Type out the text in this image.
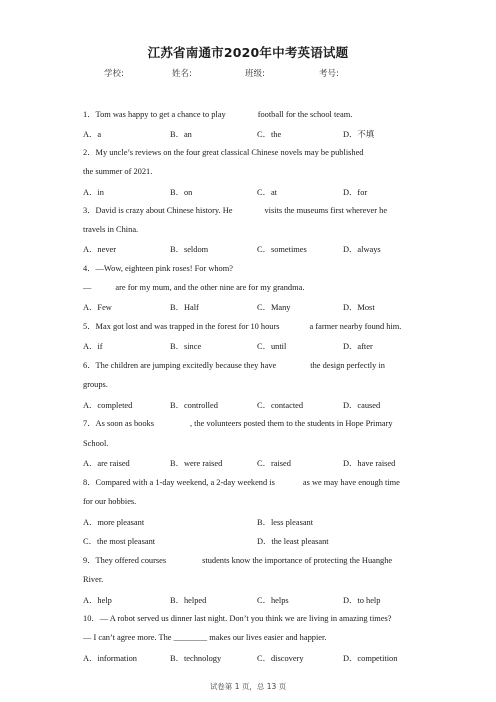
江苏省南通市2020年中考英语试题
学校:	姓名:	班级:	考号:
1．Tom was happy to get a chance to play	football for the school team.
A．a	B．an	C．the	D．不填
2．My uncle’s reviews on the four great classical Chinese novels may be published
the summer of 2021.
A．in	B．on	C．at	D．for
3．David is crazy about Chinese history. He	visits the museums first wherever he
travels in China.
A．never	B．seldom	C．sometimes	D．always
4．—Wow, eighteen pink roses! For whom?
—	are for my mum, and the other nine are for my grandma.
A．Few	B．Half	C．Many	D．Most
5．Max got lost and was trapped in the forest for 10 hours	a farmer nearby found him.
A．if	B．since	C．until	D．after
6．The children are jumping excitedly because they have	the design perfectly in
groups.
A．completed	B．controlled	C．contacted	D．caused
7．As soon as books	, the volunteers posted them to the students in Hope Primary
School.
A．are raised	B．were raised	C．raised	D．have raised
8．Compared with a 1-day weekend, a 2-day weekend is	as we may have enough time
for our hobbies.
A．more pleasant	B．less pleasant
C．the most pleasant	D．the least pleasant
9．They offered courses	students know the importance of protecting the Huanghe
River.
A．help	B．helped	C．helps	D．to help
10．— A robot served us dinner last night. Don’t you think we are living in amazing times?
— I can’t agree more. The ________ makes our lives easier and happier.
A．information	B．technology	C．discovery	D．competition
试卷第 1 页，总 13 页
